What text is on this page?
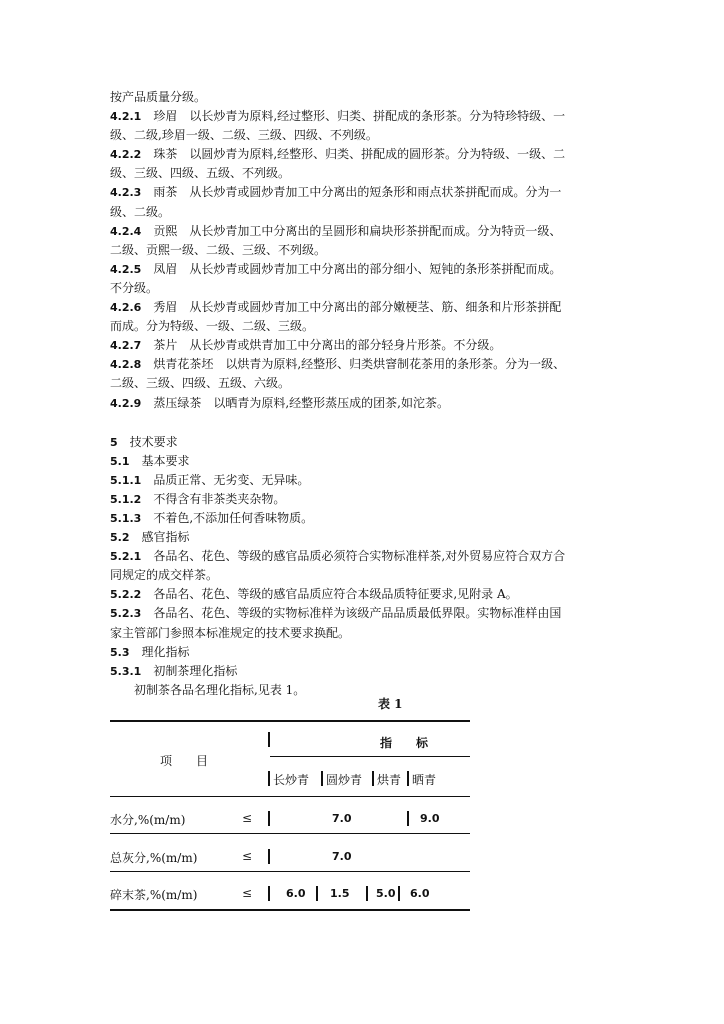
按产品质量分级。
4.2.1　珍眉　以长炒青为原料,经过整形、归类、拼配成的条形茶。分为特珍特级、一
级、二级,珍眉一级、二级、三级、四级、不列级。
4.2.2　珠茶　以圆炒青为原料,经整形、归类、拼配成的圆形茶。分为特级、一级、二
级、三级、四级、五级、不列级。
4.2.3　雨茶　从长炒青或圆炒青加工中分离出的短条形和雨点状茶拼配而成。分为一
级、二级。
4.2.4　贡熙　从长炒青加工中分离出的呈圆形和扁块形茶拼配而成。分为特贡一级、
二级、贡熙一级、二级、三级、不列级。
4.2.5　凤眉　从长炒青或圆炒青加工中分离出的部分细小、短钝的条形茶拼配而成。
不分级。
4.2.6　秀眉　从长炒青或圆炒青加工中分离出的部分嫩梗茎、筋、细条和片形茶拼配
而成。分为特级、一级、二级、三级。
4.2.7　茶片　从长炒青或烘青加工中分离出的部分轻身片形茶。不分级。
4.2.8　烘青花茶坯　以烘青为原料,经整形、归类烘窨制花茶用的条形茶。分为一级、
二级、三级、四级、五级、六级。
4.2.9　蒸压绿茶　以晒青为原料,经整形蒸压成的团茶,如沱茶。
5　技术要求
5.1　基本要求
5.1.1　品质正常、无劣变、无异味。
5.1.2　不得含有非茶类夹杂物。
5.1.3　不着色,不添加任何香味物质。
5.2　感官指标
5.2.1　各品名、花色、等级的感官品质必须符合实物标准样茶,对外贸易应符合双方合
同规定的成交样茶。
5.2.2　各品名、花色、等级的感官品质应符合本级品质特征要求,见附录 A。
5.2.3　各品名、花色、等级的实物标准样为该级产品品质最低界限。实物标准样由国
家主管部门参照本标准规定的技术要求换配。
5.3　理化指标
5.3.1　初制茶理化指标
　　初制茶各品名理化指标,见表 1。
表 1
项　　目
指　　标
长炒青 圆炒青 烘青 晒青
水分,%(m/m)	≤	7.0	9.0
总灰分,%(m/m)	≤	7.0
碎末茶,%(m/m)	≤	6.0 1.5 5.0 6.0
